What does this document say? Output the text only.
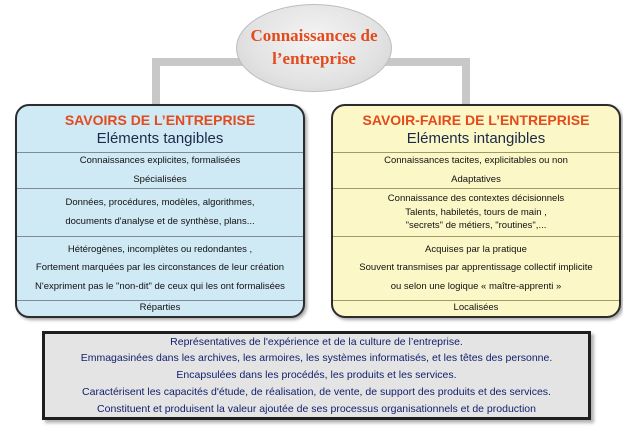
Connaissances de
l’entreprise
SAVOIRS DE L’ENTREPRISE
Eléments tangibles
Connaissances explicites, formalisées
Spécialisées
Données, procédures, modèles, algorithmes,
documents d'analyse et de synthèse, plans...
Hétérogènes, incomplètes ou redondantes ,
Fortement marquées par les circonstances de leur création
N'expriment pas le "non-dit" de ceux qui les ont formalisées
Réparties
SAVOIR-FAIRE DE L’ENTREPRISE
Eléments intangibles
Connaissances tacites, explicitables ou non
Adaptatives
Connaissance des contextes décisionnels
Talents, habiletés, tours de main ,
"secrets" de métiers, "routines",...
Acquises par la pratique
Souvent transmises par apprentissage collectif implicite
ou selon une logique « maître-apprenti »
Localisées
Représentatives de l'expérience et de la culture de l’entreprise.
Emmagasinées dans les archives, les armoires, les systèmes informatisés, et les têtes des personne.
Encapsulées dans les procédés, les produits et les services.
Caractérisent les capacités d'étude, de réalisation, de vente, de support des produits et des services.
Constituent et produisent la valeur ajoutée de ses processus organisationnels et de production
